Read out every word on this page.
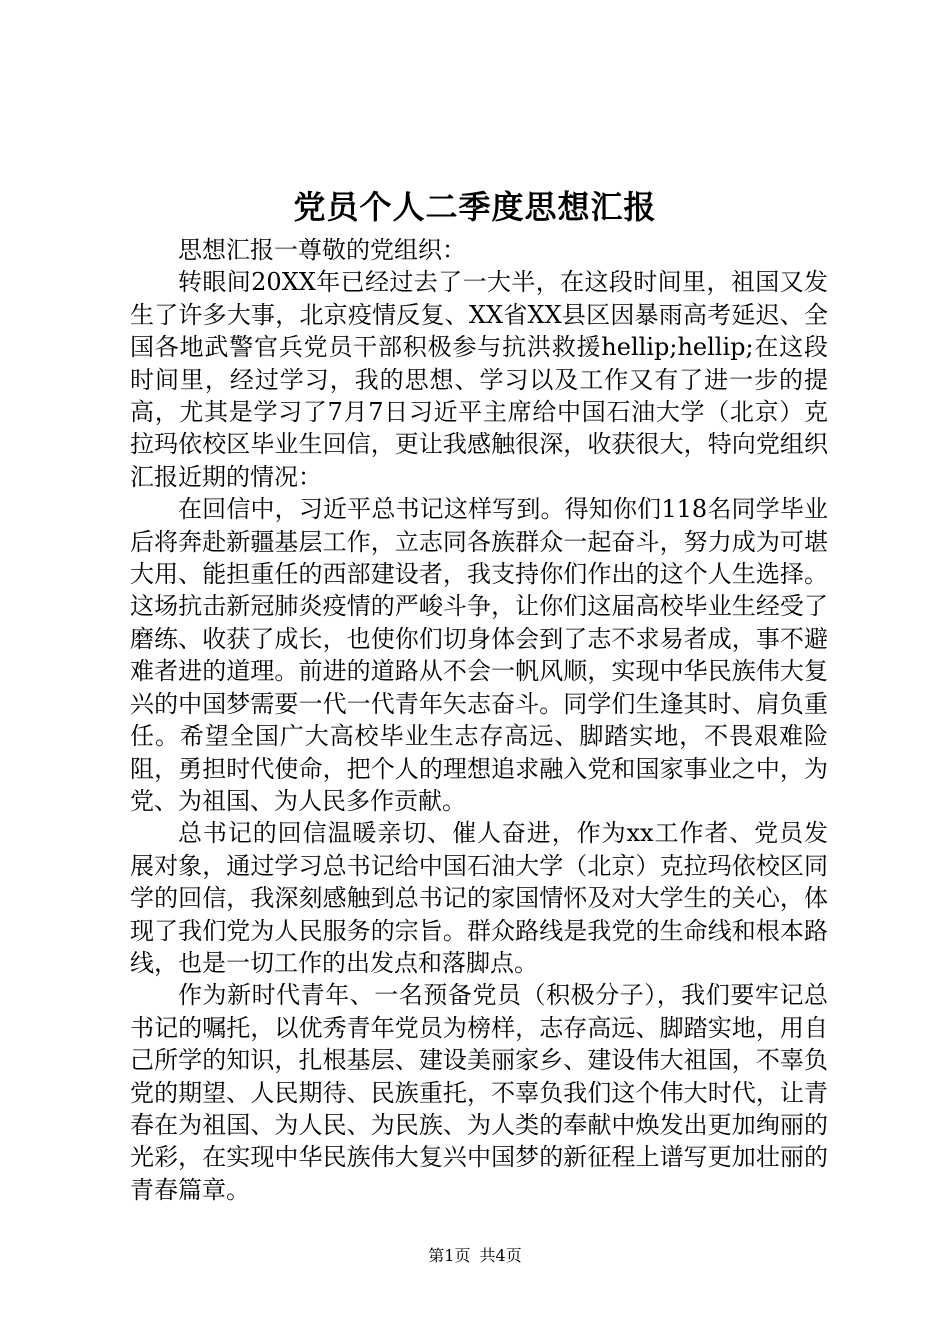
党员个人二季度思想汇报

思想汇报一尊敬的党组织：

转眼间20XX年已经过去了一大半，在这段时间里，祖国又发生了许多大事，北京疫情反复、XX省XX县区因暴雨高考延迟、全国各地武警官兵党员干部积极参与抗洪救援hellip;hellip;在这段时间里，经过学习，我的思想、学习以及工作又有了进一步的提高，尤其是学习了7月7日习近平主席给中国石油大学（北京）克拉玛依校区毕业生回信，更让我感触很深，收获很大，特向党组织汇报近期的情况：

在回信中，习近平总书记这样写到。得知你们118名同学毕业后将奔赴新疆基层工作，立志同各族群众一起奋斗，努力成为可堪大用、能担重任的西部建设者，我支持你们作出的这个人生选择。这场抗击新冠肺炎疫情的严峻斗争，让你们这届高校毕业生经受了磨练、收获了成长，也使你们切身体会到了志不求易者成，事不避难者进的道理。前进的道路从不会一帆风顺，实现中华民族伟大复兴的中国梦需要一代一代青年矢志奋斗。同学们生逢其时、肩负重任。希望全国广大高校毕业生志存高远、脚踏实地，不畏艰难险阻，勇担时代使命，把个人的理想追求融入党和国家事业之中，为党、为祖国、为人民多作贡献。

总书记的回信温暖亲切、催人奋进，作为xx工作者、党员发展对象，通过学习总书记给中国石油大学（北京）克拉玛依校区同学的回信，我深刻感触到总书记的家国情怀及对大学生的关心，体现了我们党为人民服务的宗旨。群众路线是我党的生命线和根本路线，也是一切工作的出发点和落脚点。

作为新时代青年、一名预备党员（积极分子），我们要牢记总书记的嘱托，以优秀青年党员为榜样，志存高远、脚踏实地，用自己所学的知识，扎根基层、建设美丽家乡、建设伟大祖国，不辜负党的期望、人民期待、民族重托，不辜负我们这个伟大时代，让青春在为祖国、为人民、为民族、为人类的奉献中焕发出更加绚丽的光彩，在实现中华民族伟大复兴中国梦的新征程上谱写更加壮丽的青春篇章。

第1页 共4页
